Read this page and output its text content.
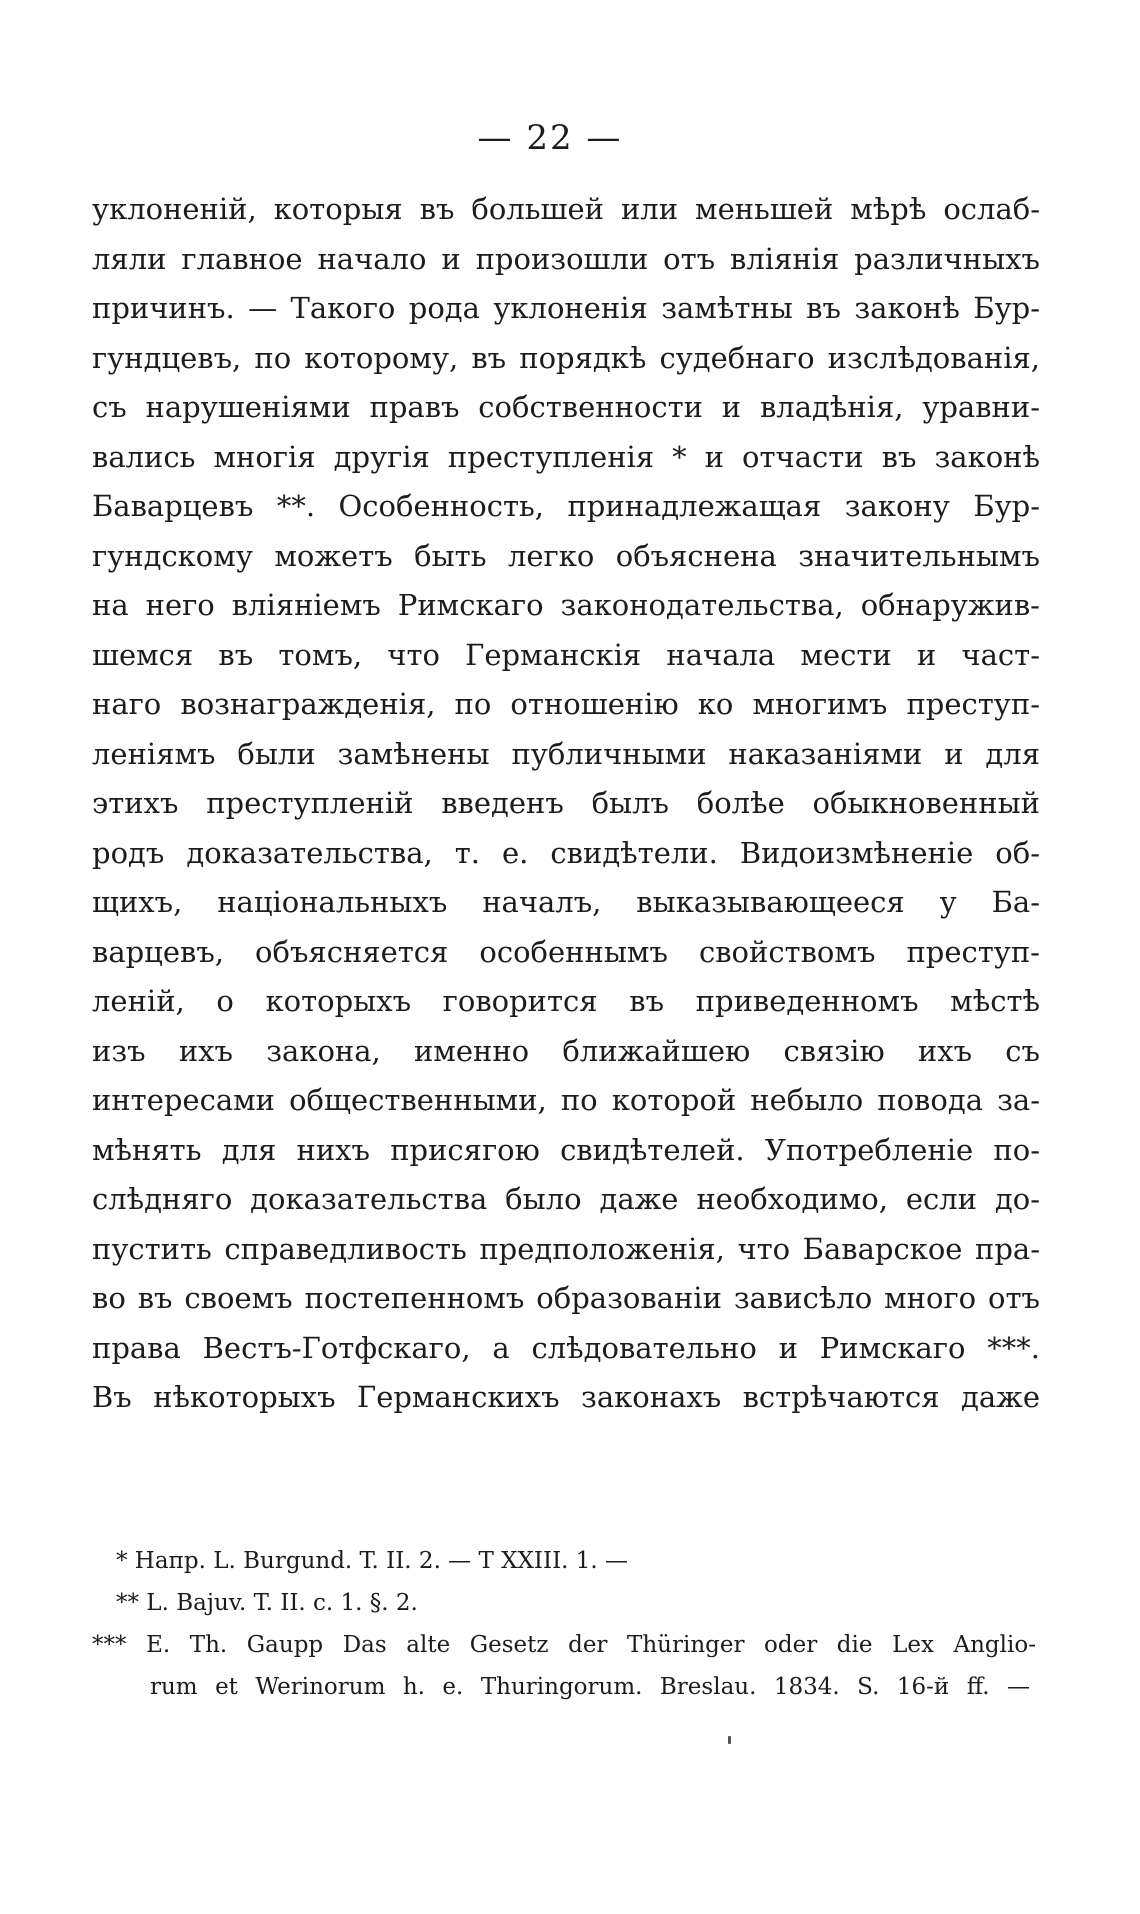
— 22 —
уклоненій, которыя въ большей или меньшей мѣрѣ ослаб-
ляли главное начало и произошли отъ вліянія различныхъ
причинъ. — Такого рода уклоненія замѣтны въ законѣ Бур-
гундцевъ, по которому, въ порядкѣ судебнаго изслѣдованія,
съ нарушеніями правъ собственности и владѣнія, уравни-
вались многія другія преступленія * и отчасти въ законѣ
Баварцевъ **. Особенность, принадлежащая закону Бур-
гундскому можетъ быть легко объяснена значительнымъ
на него вліяніемъ Римскаго законодательства, обнаружив-
шемся въ томъ, что Германскія начала мести и част-
наго вознагражденія, по отношенію ко многимъ преступ-
леніямъ были замѣнены публичными наказаніями и для
этихъ преступленій введенъ былъ болѣе обыкновенный
родъ доказательства, т. е. свидѣтели. Видоизмѣненіе об-
щихъ, національныхъ началъ, выказывающееся у Ба-
варцевъ, объясняется особеннымъ свойствомъ преступ-
леній, о которыхъ говорится въ приведенномъ мѣстѣ
изъ ихъ закона, именно ближайшею связію ихъ съ
интересами общественными, по которой небыло повода за-
мѣнять для нихъ присягою свидѣтелей. Употребленіе по-
слѣдняго доказательства было даже необходимо, если до-
пустить справедливость предположенія, что Баварское пра-
во въ своемъ постепенномъ образованіи зависѣло много отъ
права Вестъ-Готфскаго, а слѣдовательно и Римскаго ***.
Въ нѣкоторыхъ Германскихъ законахъ встрѣчаются даже
* Напр. L. Burgund. T. II. 2. — T XXIII. 1. —
** L. Bajuv. T. II. c. 1. §. 2.
*** E. Th. Gaupp Das alte Gesetz der Thüringer oder die Lex Anglio-
rum et Werinorum h. e. Thuringorum. Breslau. 1834. S. 16-й ff. —
